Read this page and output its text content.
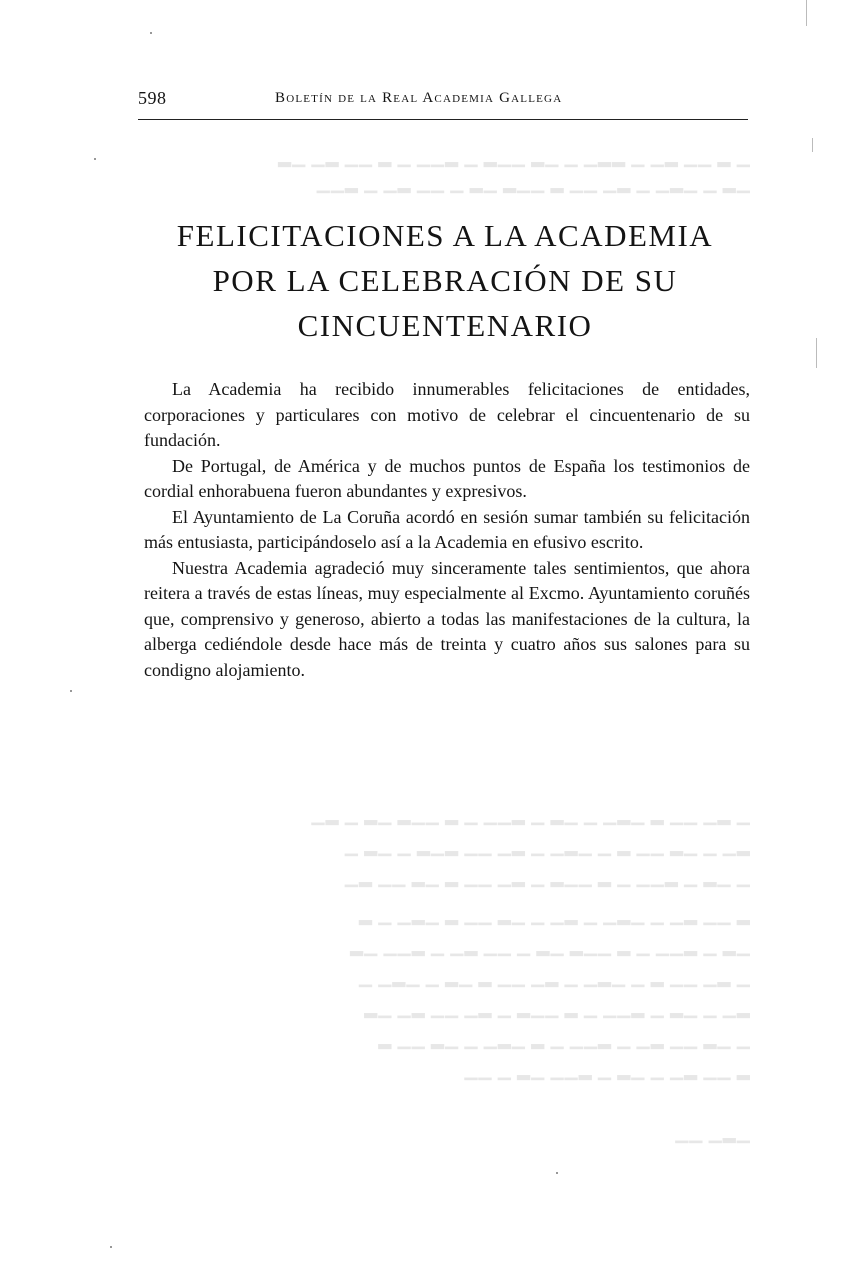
▁ ▂ ▁▁ ▂▁ ▁ ▂▂▁ ▁ ▁▂ ▁▁▂ ▁ ▂▁▁ ▁ ▂ ▁▁ ▂▁ ▁▂
▁▂ ▁ ▁▂▁ ▁ ▂▁ ▁▁ ▂ ▁▁▂ ▁▂ ▁ ▁▁ ▂▁ ▁ ▂▁▁
▁ ▂▁ ▁▁ ▂ ▁▂▁ ▁ ▁▂ ▁ ▂▁▁ ▁ ▂ ▁▁▂ ▁▂ ▁ ▂▁
▂▁ ▁ ▁▂ ▁▁ ▂ ▁ ▁▂▁ ▁ ▂▁ ▁▁ ▂▁▂ ▁ ▁▂ ▁
▁ ▁▂ ▁ ▂▁▁ ▁ ▂ ▁▁▂ ▁ ▂▁ ▁▁ ▂ ▁▂ ▁▁ ▂▁
▂ ▁▁ ▂▁ ▁ ▁▂▁ ▁ ▂▁ ▁ ▁▂ ▁▁ ▂ ▁▂▁ ▁ ▂
▁▂ ▁ ▂▁▁ ▁ ▂ ▁▁▂ ▁▂ ▁ ▁▁ ▂▁ ▁ ▂▁▁ ▁▂
▁ ▂▁ ▁▁ ▂ ▁ ▁▂▁ ▁ ▂▁ ▁▁ ▂ ▁▂ ▁ ▁▂▁ ▁
▂▁ ▁ ▁▂ ▁ ▂▁▁ ▁ ▂ ▁▁▂ ▁ ▂▁ ▁▁ ▂▁ ▁▂
▁ ▁▂ ▁▁ ▂▁ ▁ ▂▁▁ ▁ ▂ ▁▂▁ ▁ ▁▂ ▁▁ ▂
▂ ▁▁ ▂▁ ▁ ▁▂ ▁ ▂▁▁ ▁▂ ▁ ▁▁
▁▂▁ ▁▁
598	Boletín de la Real Academia Gallega
FELICITACIONES A LA ACADEMIA
POR LA CELEBRACIÓN DE SU
CINCUENTENARIO

La Academia ha recibido innumerables felicitaciones de entidades, corporaciones y particulares con motivo de celebrar el cincuentenario de su fundación.

De Portugal, de América y de muchos puntos de España los testimonios de cordial enhorabuena fueron abundantes y expresivos.

El Ayuntamiento de La Coruña acordó en sesión sumar también su felicitación más entusiasta, participándoselo así a la Academia en efusivo escrito.

Nuestra Academia agradeció muy sinceramente tales sentimientos, que ahora reitera a través de estas líneas, muy especialmente al Excmo. Ayuntamiento coruñés que, comprensivo y generoso, abierto a todas las manifestaciones de la cultura, la alberga cediéndole desde hace más de treinta y cuatro años sus salones para su condigno alojamiento.
